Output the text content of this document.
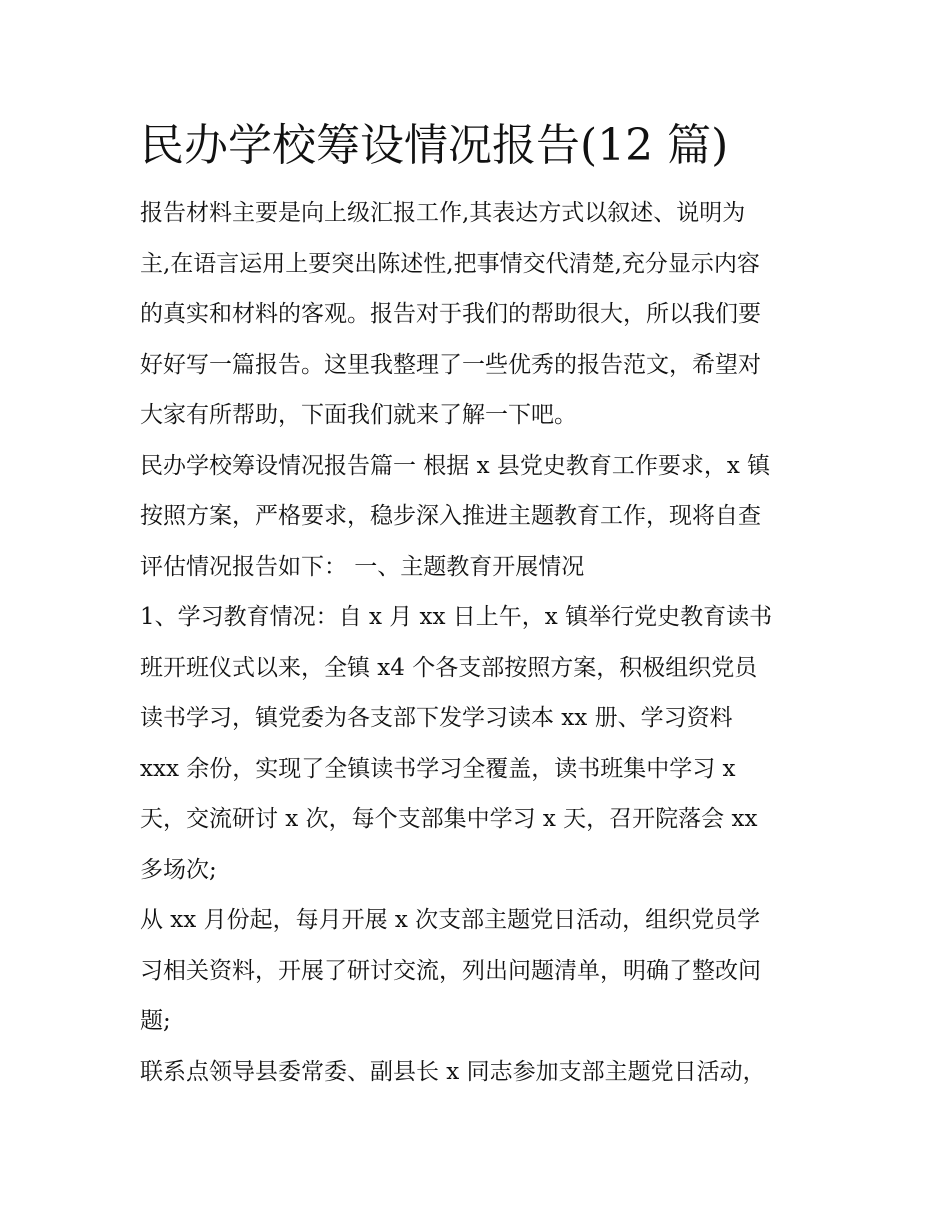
民办学校筹设情况报告(12 篇)

报告材料主要是向上级汇报工作,其表达方式以叙述、说明为
主,在语言运用上要突出陈述性,把事情交代清楚,充分显示内容
的真实和材料的客观。报告对于我们的帮助很大，所以我们要
好好写一篇报告。这里我整理了一些优秀的报告范文，希望对
大家有所帮助，下面我们就来了解一下吧。

民办学校筹设情况报告篇一 根据 x 县党史教育工作要求，x 镇
按照方案，严格要求，稳步深入推进主题教育工作，现将自查
评估情况报告如下： 一、主题教育开展情况

1、学习教育情况：自 x 月 xx 日上午，x 镇举行党史教育读书
班开班仪式以来，全镇 x4 个各支部按照方案，积极组织党员
读书学习，镇党委为各支部下发学习读本 xx 册、学习资料
xxx 余份，实现了全镇读书学习全覆盖，读书班集中学习 x
天，交流研讨 x 次，每个支部集中学习 x 天，召开院落会 xx
多场次;

从 xx 月份起，每月开展 x 次支部主题党日活动，组织党员学
习相关资料，开展了研讨交流，列出问题清单，明确了整改问
题;

联系点领导县委常委、副县长 x 同志参加支部主题党日活动，
